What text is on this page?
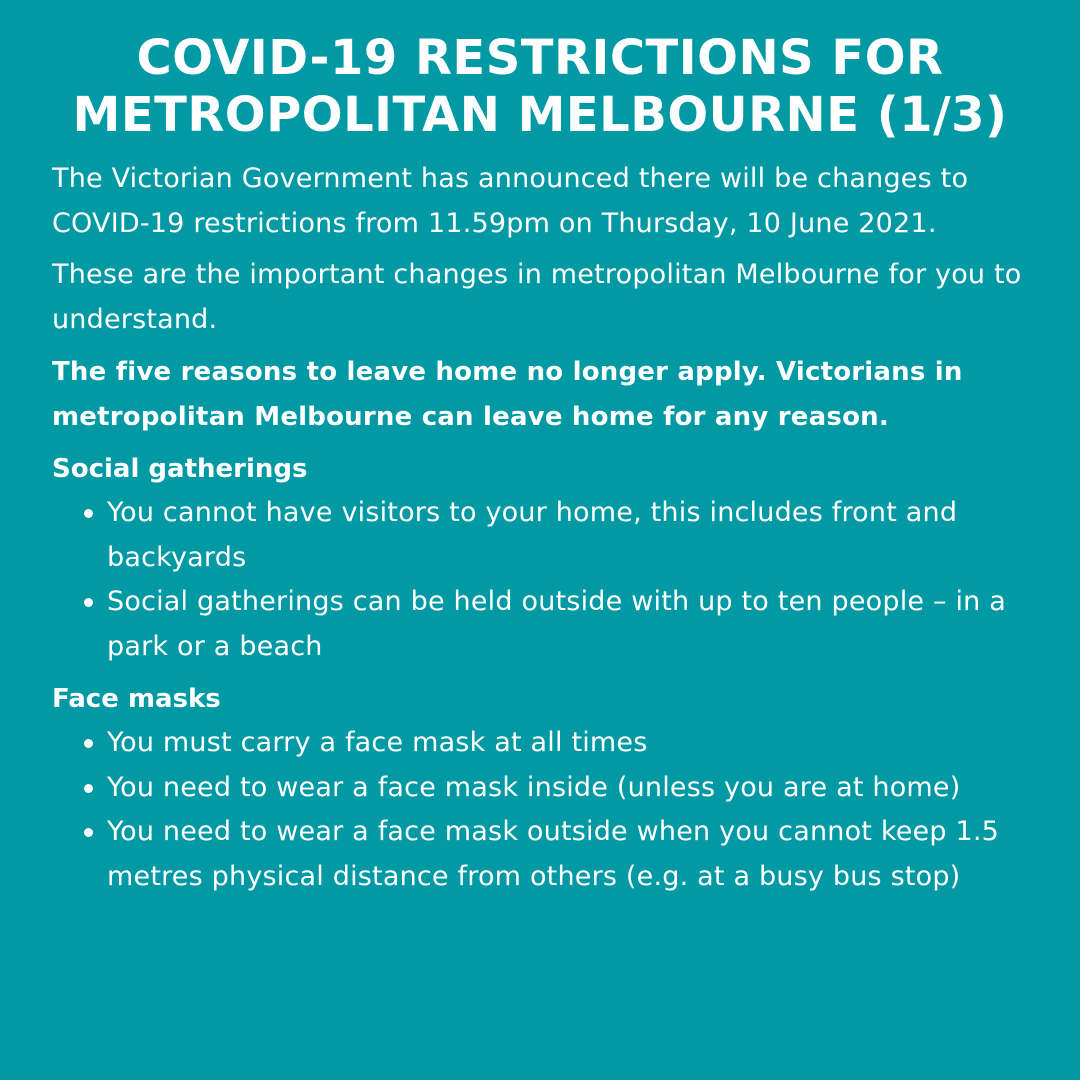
COVID-19 RESTRICTIONS FOR
METROPOLITAN MELBOURNE (1/3)

The Victorian Government has announced there will be changes to COVID-19 restrictions from 11.59pm on Thursday, 10 June 2021.

These are the important changes in metropolitan Melbourne for you to understand.

The five reasons to leave home no longer apply. Victorians in metropolitan Melbourne can leave home for any reason.

Social gatherings
You cannot have visitors to your home, this includes front and backyards
Social gatherings can be held outside with up to ten people – in a park or a beach
Face masks
You must carry a face mask at all times
You need to wear a face mask inside (unless you are at home)
You need to wear a face mask outside when you cannot keep 1.5 metres physical distance from others (e.g. at a busy bus stop)
